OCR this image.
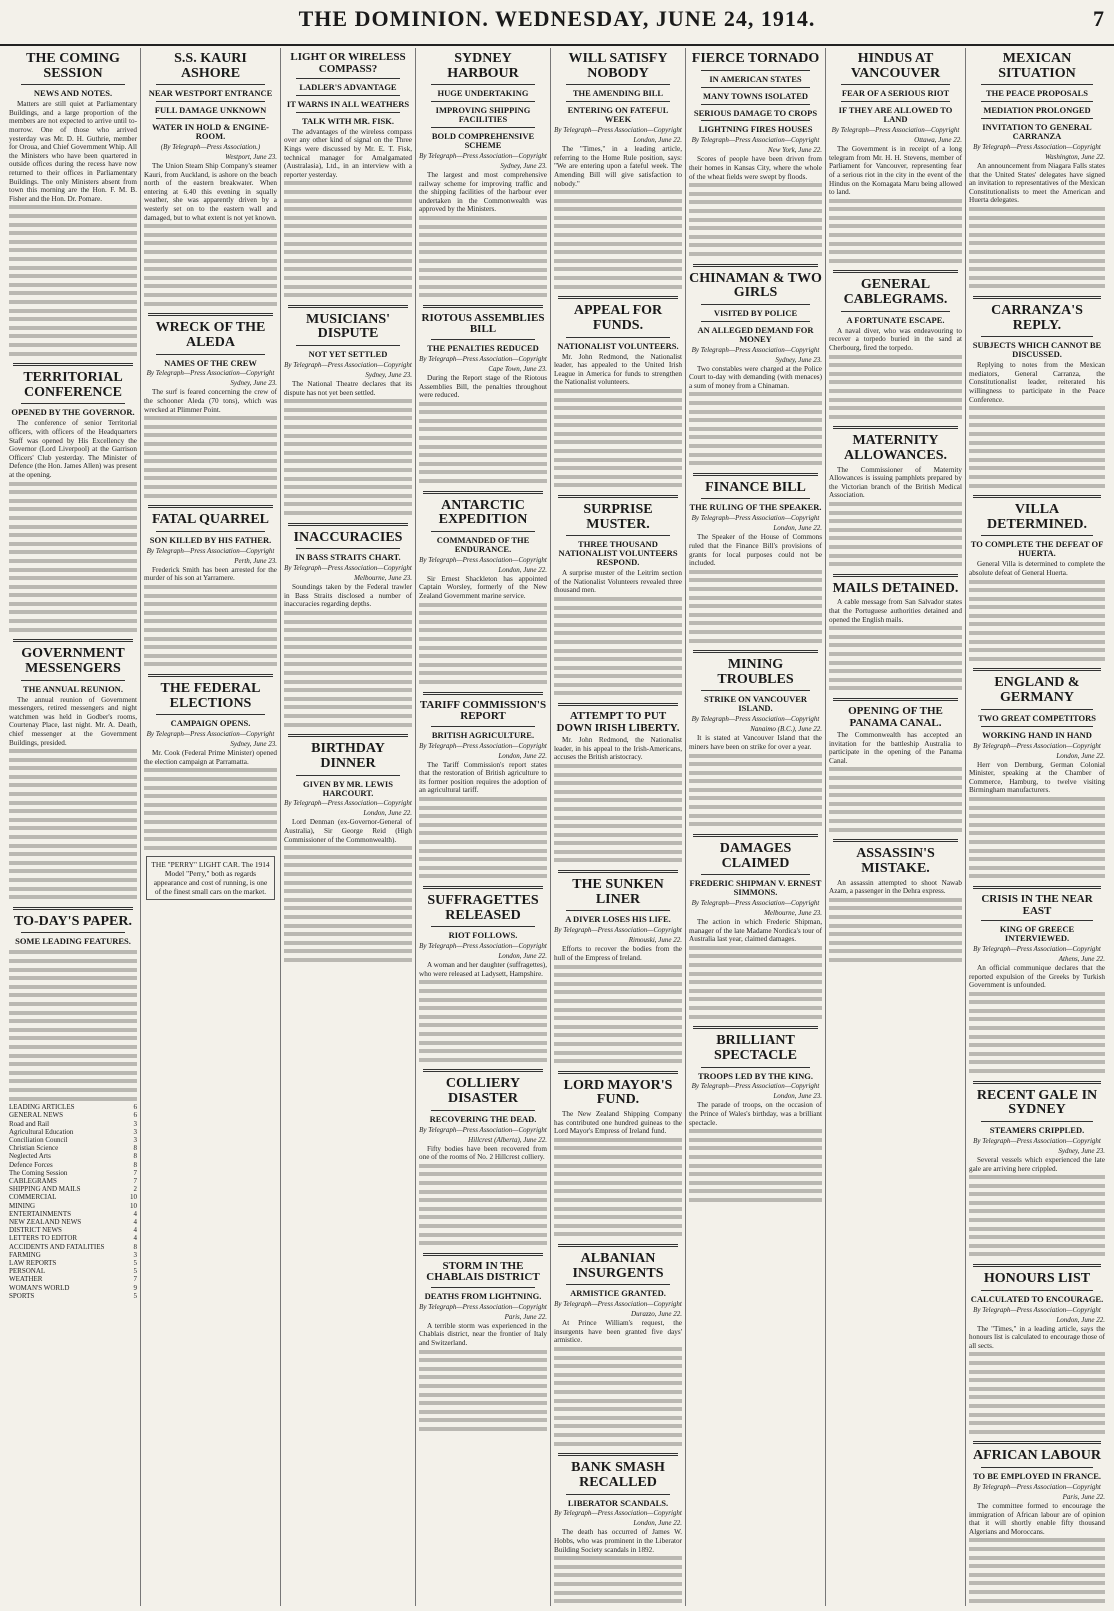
THE DOMINION. WEDNESDAY, JUNE 24, 1914.	7
THE COMING SESSION
NEWS AND NOTES.

Matters are still quiet at Parliamentary Buildings, and a large proportion of the members are not expected to arrive until to-morrow. One of those who arrived yesterday was Mr. D. H. Guthrie, member for Oroua, and Chief Government Whip. All the Ministers who have been quartered in outside offices during the recess have now returned to their offices in Parliamentary Buildings. The only Ministers absent from town this morning are the Hon. F. M. B. Fisher and the Hon. Dr. Pomare.

TERRITORIAL CONFERENCE
OPENED BY THE GOVERNOR.

The conference of senior Territorial officers, with officers of the Headquarters Staff was opened by His Excellency the Governor (Lord Liverpool) at the Garrison Officers' Club yesterday. The Minister of Defence (the Hon. James Allen) was present at the opening.

GOVERNMENT MESSENGERS
THE ANNUAL REUNION.

The annual reunion of Government messengers, retired messengers and night watchmen was held in Godber's rooms, Courtenay Place, last night. Mr. A. Death, chief messenger at the Government Buildings, presided.

TO-DAY'S PAPER.
SOME LEADING FEATURES.
LEADING ARTICLES	6
GENERAL NEWS	6
Road and Rail	3
Agricultural Education	3
Conciliation Council	3
Christian Science	8
Neglected Arts	8
Defence Forces	8
The Coming Session	7
CABLEGRAMS	7
SHIPPING AND MAILS	2
COMMERCIAL	10
MINING	10
ENTERTAINMENTS	4
NEW ZEALAND NEWS	4
DISTRICT NEWS	4
LETTERS TO EDITOR	4
ACCIDENTS AND FATALITIES	8
FARMING	3
LAW REPORTS	5
PERSONAL	5
WEATHER	7
WOMAN'S WORLD	9
SPORTS	5
S.S. KAURI ASHORE
NEAR WESTPORT ENTRANCE
FULL DAMAGE UNKNOWN
WATER IN HOLD & ENGINE-ROOM.
(By Telegraph—Press Association.)
Westport, June 23.

The Union Steam Ship Company's steamer Kauri, from Auckland, is ashore on the beach north of the eastern breakwater. When entering at 6.40 this evening in squally weather, she was apparently driven by a westerly set on to the eastern wall and damaged, but to what extent is not yet known.

WRECK OF THE ALEDA
NAMES OF THE CREW
By Telegraph—Press Association—Copyright
Sydney, June 23.

The surf is feared concerning the crew of the schooner Aleda (70 tons), which was wrecked at Plimmer Point.

FATAL QUARREL
SON KILLED BY HIS FATHER.
By Telegraph—Press Association—Copyright
Perth, June 23.

Frederick Smith has been arrested for the murder of his son at Yarramere.

THE FEDERAL ELECTIONS
CAMPAIGN OPENS.
By Telegraph—Press Association—Copyright
Sydney, June 23.

Mr. Cook (Federal Prime Minister) opened the election campaign at Parramatta.

THE "PERRY" LIGHT CAR. The 1914 Model "Perry," both as regards appearance and cost of running, is one of the finest small cars on the market.
LIGHT OR WIRELESS COMPASS?
LADLER'S ADVANTAGE
IT WARNS IN ALL WEATHERS
TALK WITH MR. FISK.

The advantages of the wireless compass over any other kind of signal on the Three Kings were discussed by Mr. E. T. Fisk, technical manager for Amalgamated (Australasia), Ltd., in an interview with a reporter yesterday.

MUSICIANS' DISPUTE
NOT YET SETTLED
By Telegraph—Press Association—Copyright
Sydney, June 23.

The National Theatre declares that its dispute has not yet been settled.

INACCURACIES
IN BASS STRAITS CHART.
By Telegraph—Press Association—Copyright
Melbourne, June 23.

Soundings taken by the Federal trawler in Bass Straits disclosed a number of inaccuracies regarding depths.

BIRTHDAY DINNER
GIVEN BY MR. LEWIS HARCOURT.
By Telegraph—Press Association—Copyright
London, June 22.

Lord Denman (ex-Governor-General of Australia), Sir George Reid (High Commissioner of the Commonwealth).

SYDNEY HARBOUR
HUGE UNDERTAKING
IMPROVING SHIPPING FACILITIES
BOLD COMPREHENSIVE SCHEME
By Telegraph—Press Association—Copyright
Sydney, June 23.

The largest and most comprehensive railway scheme for improving traffic and the shipping facilities of the harbour ever undertaken in the Commonwealth was approved by the Ministers.

RIOTOUS ASSEMBLIES BILL
THE PENALTIES REDUCED
By Telegraph—Press Association—Copyright
Cape Town, June 23.

During the Report stage of the Riotous Assemblies Bill, the penalties throughout were reduced.

ANTARCTIC EXPEDITION
COMMANDED OF THE ENDURANCE.
By Telegraph—Press Association—Copyright
London, June 22.

Sir Ernest Shackleton has appointed Captain Worsley, formerly of the New Zealand Government marine service.

TARIFF COMMISSION'S REPORT
BRITISH AGRICULTURE.
By Telegraph—Press Association—Copyright
London, June 22.

The Tariff Commission's report states that the restoration of British agriculture to its former position requires the adoption of an agricultural tariff.

SUFFRAGETTES RELEASED
RIOT FOLLOWS.
By Telegraph—Press Association—Copyright
London, June 22.

A woman and her daughter (suffragettes), who were released at Ladysett, Hampshire.

COLLIERY DISASTER
RECOVERING THE DEAD.
By Telegraph—Press Association—Copyright
Hillcrest (Alberta), June 22.

Fifty bodies have been recovered from one of the rooms of No. 2 Hillcrest colliery.

STORM IN THE CHABLAIS DISTRICT
DEATHS FROM LIGHTNING.
By Telegraph—Press Association—Copyright
Paris, June 22.

A terrible storm was experienced in the Chablais district, near the frontier of Italy and Switzerland.

WILL SATISFY NOBODY
THE AMENDING BILL
ENTERING ON FATEFUL WEEK
By Telegraph—Press Association—Copyright
London, June 22.

The "Times," in a leading article, referring to the Home Rule position, says: "We are entering upon a fateful week. The Amending Bill will give satisfaction to nobody."

APPEAL FOR FUNDS.
NATIONALIST VOLUNTEERS.

Mr. John Redmond, the Nationalist leader, has appealed to the United Irish League in America for funds to strengthen the Nationalist volunteers.

SURPRISE MUSTER.
THREE THOUSAND NATIONALIST VOLUNTEERS RESPOND.

A surprise muster of the Leitrim section of the Nationalist Volunteers revealed three thousand men.

ATTEMPT TO PUT DOWN IRISH LIBERTY.

Mr. John Redmond, the Nationalist leader, in his appeal to the Irish-Americans, accuses the British aristocracy.

THE SUNKEN LINER
A DIVER LOSES HIS LIFE.
By Telegraph—Press Association—Copyright
Rimouski, June 22.

Efforts to recover the bodies from the hull of the Empress of Ireland.

LORD MAYOR'S FUND.

The New Zealand Shipping Company has contributed one hundred guineas to the Lord Mayor's Empress of Ireland fund.

ALBANIAN INSURGENTS
ARMISTICE GRANTED.
By Telegraph—Press Association—Copyright
Durazzo, June 22.

At Prince William's request, the insurgents have been granted five days' armistice.

BANK SMASH RECALLED
LIBERATOR SCANDALS.
By Telegraph—Press Association—Copyright
London, June 22.

The death has occurred of James W. Hobbs, who was prominent in the Liberator Building Society scandals in 1892.

FIERCE TORNADO
IN AMERICAN STATES
MANY TOWNS ISOLATED
SERIOUS DAMAGE TO CROPS
LIGHTNING FIRES HOUSES
By Telegraph—Press Association—Copyright
New York, June 22.

Scores of people have been driven from their homes in Kansas City, where the whole of the wheat fields were swept by floods.

CHINAMAN & TWO GIRLS
VISITED BY POLICE
AN ALLEGED DEMAND FOR MONEY
By Telegraph—Press Association—Copyright
Sydney, June 23.

Two constables were charged at the Police Court to-day with demanding (with menaces) a sum of money from a Chinaman.

FINANCE BILL
THE RULING OF THE SPEAKER.
By Telegraph—Press Association—Copyright
London, June 22.

The Speaker of the House of Commons ruled that the Finance Bill's provisions of grants for local purposes could not be included.

MINING TROUBLES
STRIKE ON VANCOUVER ISLAND.
By Telegraph—Press Association—Copyright
Nanaimo (B.C.), June 22.

It is stated at Vancouver Island that the miners have been on strike for over a year.

DAMAGES CLAIMED
FREDERIC SHIPMAN V. ERNEST SIMMONS.
By Telegraph—Press Association—Copyright
Melbourne, June 23.

The action in which Frederic Shipman, manager of the late Madame Nordica's tour of Australia last year, claimed damages.

BRILLIANT SPECTACLE
TROOPS LED BY THE KING.
By Telegraph—Press Association—Copyright
London, June 23.

The parade of troops, on the occasion of the Prince of Wales's birthday, was a brilliant spectacle.

HINDUS AT VANCOUVER
FEAR OF A SERIOUS RIOT
IF THEY ARE ALLOWED TO LAND
By Telegraph—Press Association—Copyright
Ottawa, June 22.

The Government is in receipt of a long telegram from Mr. H. H. Stevens, member of Parliament for Vancouver, representing fear of a serious riot in the city in the event of the Hindus on the Komagata Maru being allowed to land.

GENERAL CABLEGRAMS.
A FORTUNATE ESCAPE.

A naval diver, who was endeavouring to recover a torpedo buried in the sand at Cherbourg, fired the torpedo.

MATERNITY ALLOWANCES.

The Commissioner of Maternity Allowances is issuing pamphlets prepared by the Victorian branch of the British Medical Association.

MAILS DETAINED.

A cable message from San Salvador states that the Portuguese authorities detained and opened the English mails.

OPENING OF THE PANAMA CANAL.

The Commonwealth has accepted an invitation for the battleship Australia to participate in the opening of the Panama Canal.

ASSASSIN'S MISTAKE.

An assassin attempted to shoot Nawab Azam, a passenger in the Dehra express.

MEXICAN SITUATION
THE PEACE PROPOSALS
MEDIATION PROLONGED
INVITATION TO GENERAL CARRANZA
By Telegraph—Press Association—Copyright
Washington, June 22.

An announcement from Niagara Falls states that the United States' delegates have signed an invitation to representatives of the Mexican Constitutionalists to meet the American and Huerta delegates.

CARRANZA'S REPLY.
SUBJECTS WHICH CANNOT BE DISCUSSED.

Replying to notes from the Mexican mediators, General Carranza, the Constitutionalist leader, reiterated his willingness to participate in the Peace Conference.

VILLA DETERMINED.
TO COMPLETE THE DEFEAT OF HUERTA.

General Villa is determined to complete the absolute defeat of General Huerta.

ENGLAND & GERMANY
TWO GREAT COMPETITORS
WORKING HAND IN HAND
By Telegraph—Press Association—Copyright
London, June 22.

Herr von Dernburg, German Colonial Minister, speaking at the Chamber of Commerce, Hamburg, to twelve visiting Birmingham manufacturers.

CRISIS IN THE NEAR EAST
KING OF GREECE INTERVIEWED.
By Telegraph—Press Association—Copyright
Athens, June 22.

An official communique declares that the reported expulsion of the Greeks by Turkish Government is unfounded.

RECENT GALE IN SYDNEY
STEAMERS CRIPPLED.
By Telegraph—Press Association—Copyright
Sydney, June 23.

Several vessels which experienced the late gale are arriving here crippled.

HONOURS LIST
CALCULATED TO ENCOURAGE.
By Telegraph—Press Association—Copyright
London, June 22.

The "Times," in a leading article, says the honours list is calculated to encourage those of all sects.

AFRICAN LABOUR
TO BE EMPLOYED IN FRANCE.
By Telegraph—Press Association—Copyright
Paris, June 22.

The committee formed to encourage the immigration of African labour are of opinion that it will shortly enable fifty thousand Algerians and Moroccans.
